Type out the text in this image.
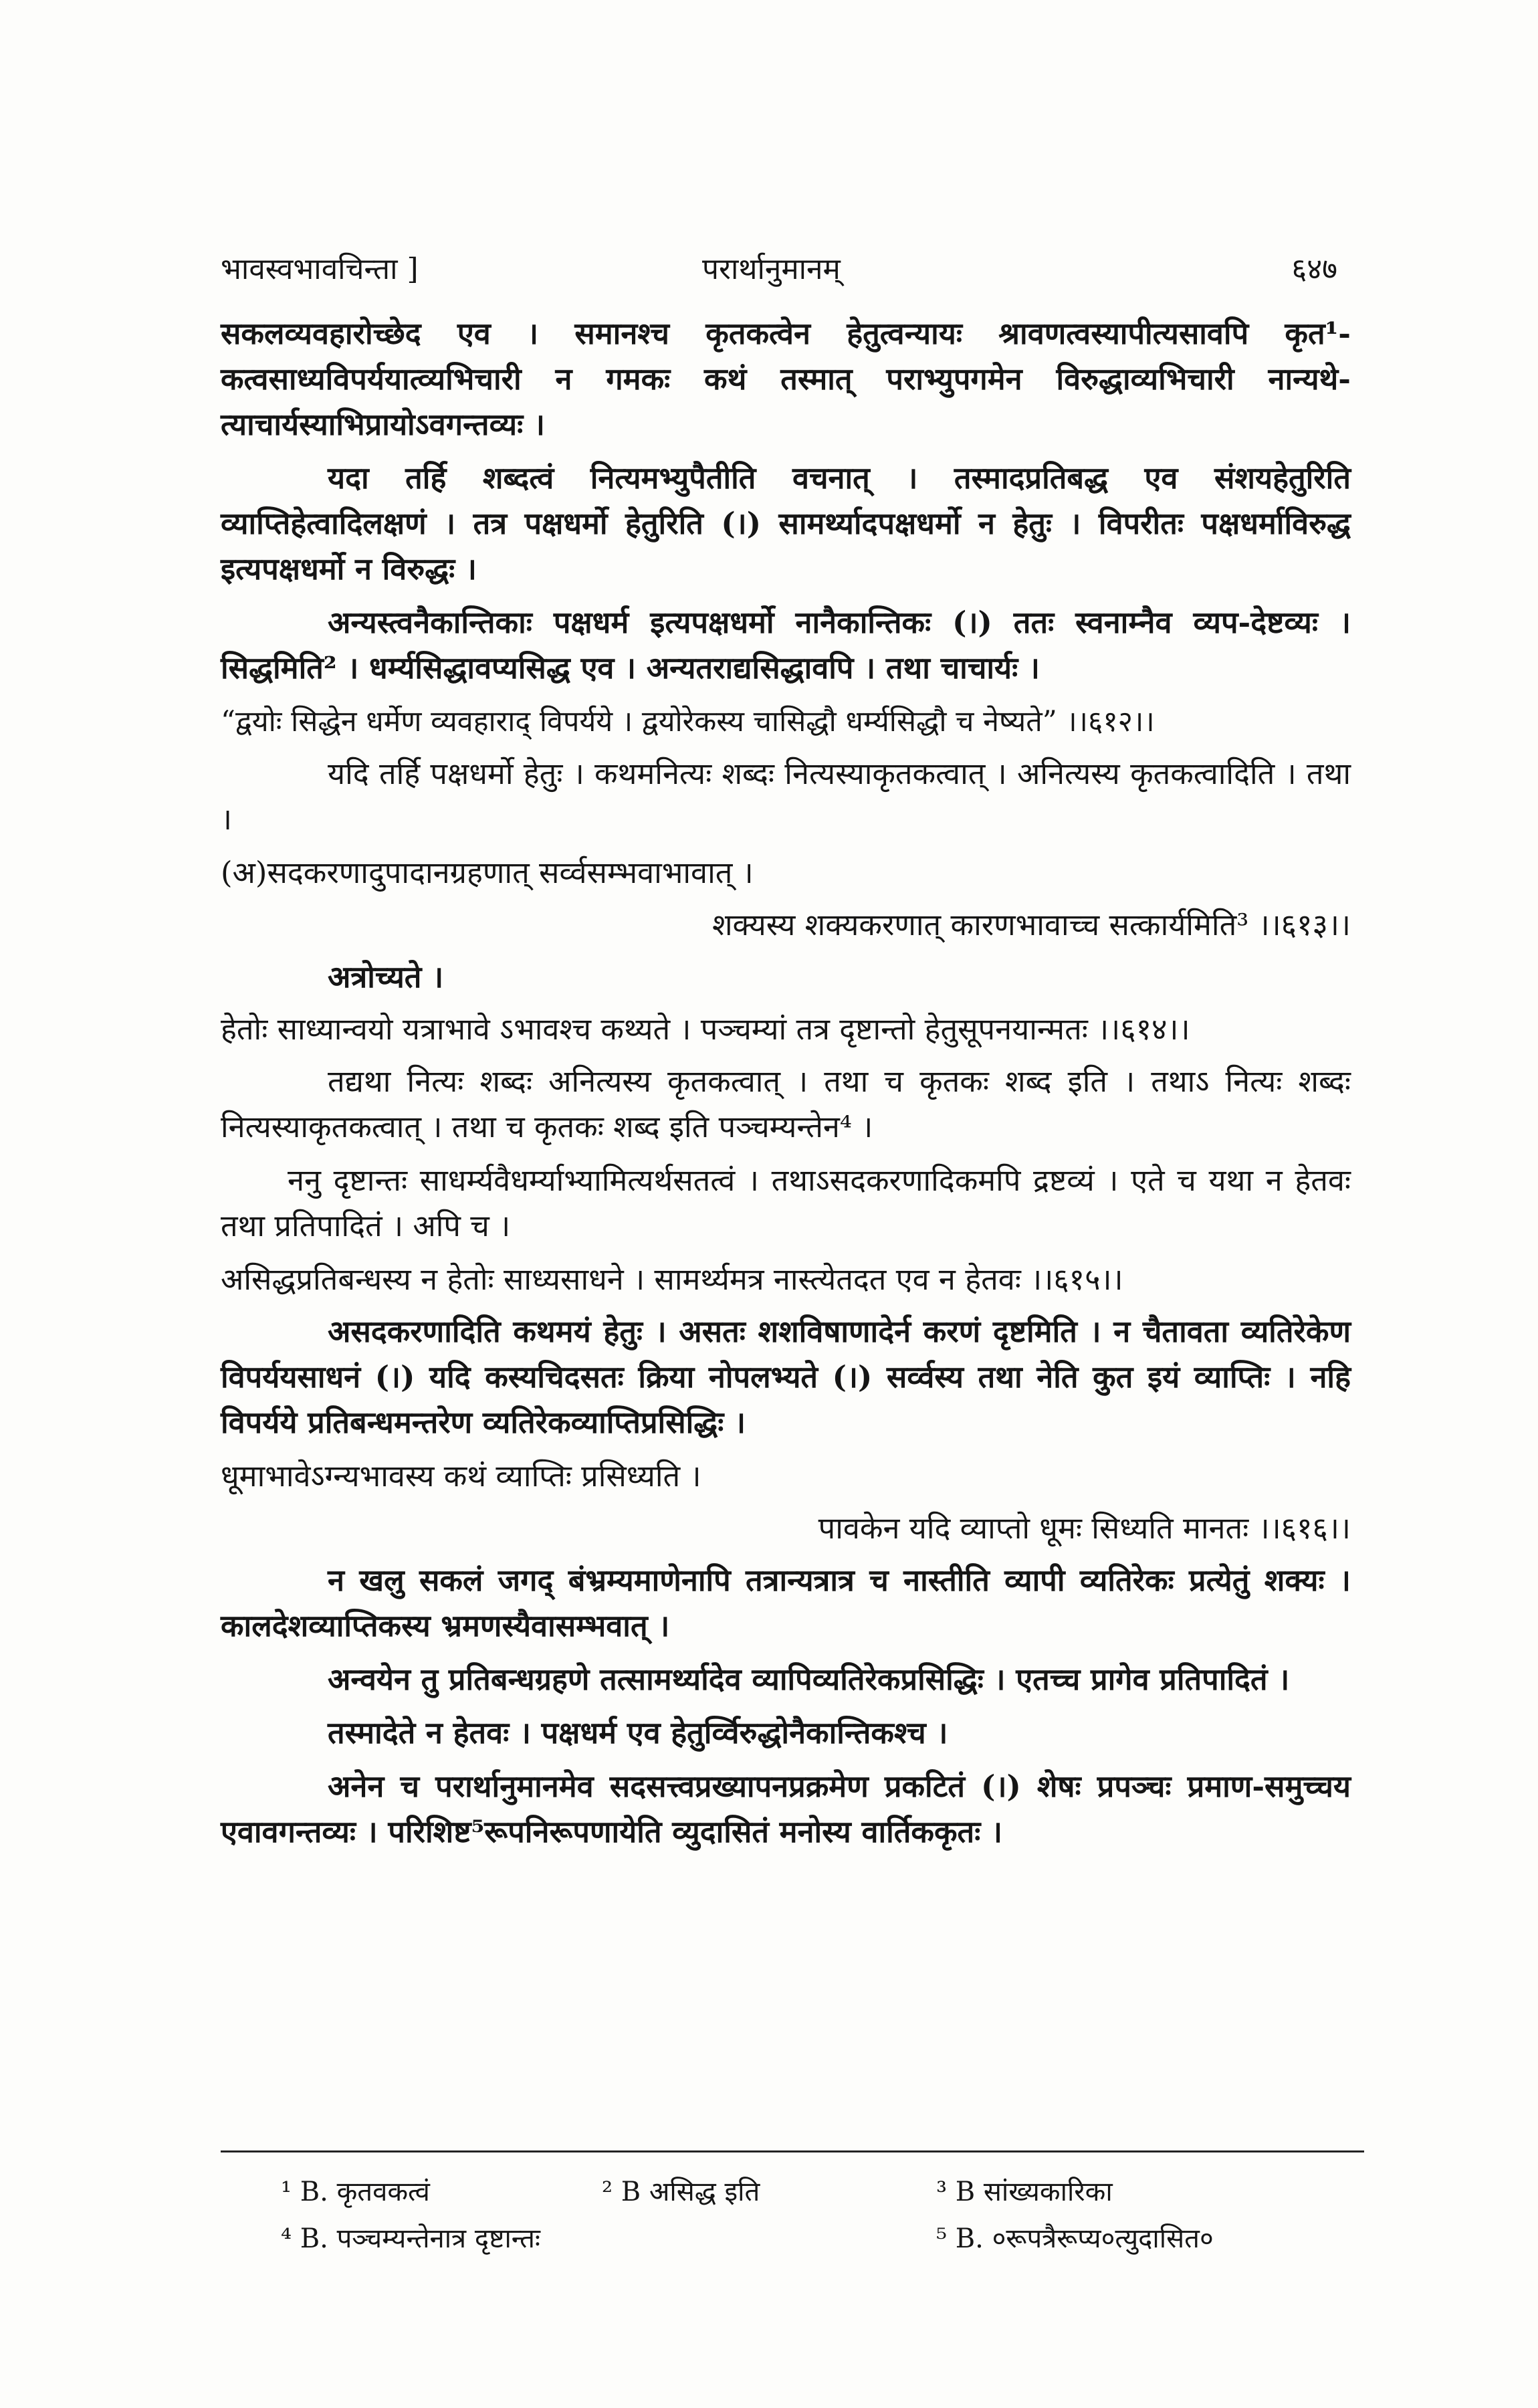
भावस्वभावचिन्ता ]	परार्थानुमानम्	६४७

सकलव्यवहारोच्छेद एव । समानश्च कृतकत्वेन हेतुत्वन्यायः श्रावणत्वस्यापीत्यसावपि कृत¹-कत्वसाध्यविपर्ययात्व्यभिचारी न गमकः कथं तस्मात् पराभ्युपगमेन विरुद्धाव्यभिचारी नान्यथे-त्याचार्यस्याभिप्रायोऽवगन्तव्यः ।

यदा तर्हि शब्दत्वं नित्यमभ्युपैतीति वचनात् । तस्मादप्रतिबद्ध एव संशयहेतुरिति व्याप्तिहेत्वादिलक्षणं । तत्र पक्षधर्मो हेतुरिति (।) सामर्थ्यादपक्षधर्मो न हेतुः । विपरीतः पक्षधर्माविरुद्ध इत्यपक्षधर्मो न विरुद्धः ।

अन्यस्त्वनैकान्तिकाः पक्षधर्म इत्यपक्षधर्मो नानैकान्तिकः (।) ततः स्वनाम्नैव व्यप-देष्टव्यः । सिद्धमिति² । धर्म्यसिद्धावप्यसिद्ध एव । अन्यतराद्यसिद्धावपि । तथा चाचार्यः ।

“द्वयोः सिद्धेन धर्मेण व्यवहाराद् विपर्यये । द्वयोरेकस्य चासिद्धौ धर्म्यसिद्धौ च नेष्यते” ।।६१२।।

यदि तर्हि पक्षधर्मो हेतुः । कथमनित्यः शब्दः नित्यस्याकृतकत्वात् । अनित्यस्य कृतकत्वादिति । तथा ।

(अ)सदकरणादुपादानग्रहणात् सर्व्वसम्भवाभावात् ।

शक्यस्य शक्यकरणात् कारणभावाच्च सत्कार्यमिति³ ।।६१३।।

अत्रोच्यते ।

हेतोः साध्यान्वयो यत्राभावे ऽभावश्च कथ्यते । पञ्चम्यां तत्र दृष्टान्तो हेतुसूपनयान्मतः ।।६१४।।

तद्यथा नित्यः शब्दः अनित्यस्य कृतकत्वात् । तथा च कृतकः शब्द इति । तथाऽ नित्यः शब्दः नित्यस्याकृतकत्वात् । तथा च कृतकः शब्द इति पञ्चम्यन्तेन⁴ ।

ननु दृष्टान्तः साधर्म्यवैधर्म्याभ्यामित्यर्थसतत्वं । तथाऽसदकरणादिकमपि द्रष्टव्यं । एते च यथा न हेतवः तथा प्रतिपादितं । अपि च ।

असिद्धप्रतिबन्धस्य न हेतोः साध्यसाधने । सामर्थ्यमत्र नास्त्येतदत एव न हेतवः ।।६१५।।

असदकरणादिति कथमयं हेतुः । असतः शशविषाणादेर्न करणं दृष्टमिति । न चैतावता व्यतिरेकेण विपर्ययसाधनं (।) यदि कस्यचिदसतः क्रिया नोपलभ्यते (।) सर्व्वस्य तथा नेति कुत इयं व्याप्तिः । नहि विपर्यये प्रतिबन्धमन्तरेण व्यतिरेकव्याप्तिप्रसिद्धिः ।

धूमाभावेऽग्न्यभावस्य कथं व्याप्तिः प्रसिध्यति ।

पावकेन यदि व्याप्तो धूमः सिध्यति मानतः ।।६१६।।

न खलु सकलं जगद् बंभ्रम्यमाणेनापि तत्रान्यत्रात्र च नास्तीति व्यापी व्यतिरेकः प्रत्येतुं शक्यः । कालदेशव्याप्तिकस्य भ्रमणस्यैवासम्भवात् ।

अन्वयेन तु प्रतिबन्धग्रहणे तत्सामर्थ्यादेव व्यापिव्यतिरेकप्रसिद्धिः । एतच्च प्रागेव प्रतिपादितं ।

तस्मादेते न हेतवः । पक्षधर्म एव हेतुर्व्विरुद्धोनैकान्तिकश्च ।

अनेन च परार्थानुमानमेव सदसत्त्वप्रख्यापनप्रक्रमेण प्रकटितं (।) शेषः प्रपञ्चः प्रमाण-समुच्चय एवावगन्तव्यः । परिशिष्ट⁵रूपनिरूपणायेति व्युदासितं मनोस्य वार्तिककृतः ।

¹ B. कृतवकत्वं	² B असिद्ध इति	³ B सांख्यकारिका
⁴ B. पञ्चम्यन्तेनात्र दृष्टान्तः	⁵ B. ०रूपत्रैरूप्य०त्युदासित०
